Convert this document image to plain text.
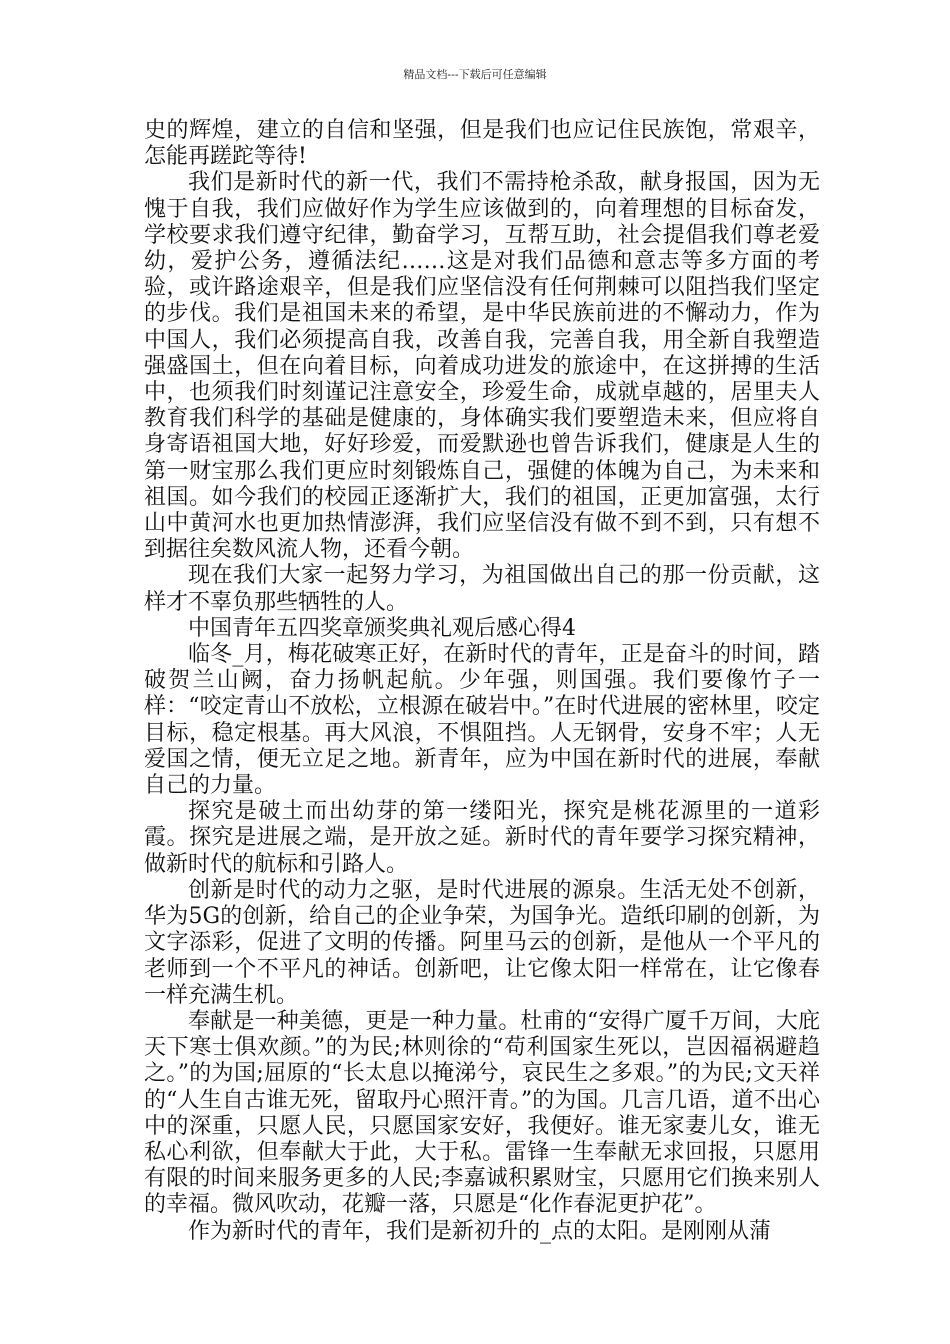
精品文档---下载后可任意编辑

史的辉煌，建立的自信和坚强，但是我们也应记住民族饱，常艰辛，怎能再蹉跎等待!

我们是新时代的新一代，我们不需持枪杀敌，献身报国，因为无愧于自我，我们应做好作为学生应该做到的，向着理想的目标奋发，学校要求我们遵守纪律，勤奋学习，互帮互助，社会提倡我们尊老爱幼，爱护公务，遵循法纪……这是对我们品德和意志等多方面的考验，或许路途艰辛，但是我们应坚信没有任何荆棘可以阻挡我们坚定的步伐。我们是祖国未来的希望，是中华民族前进的不懈动力，作为中国人，我们必须提高自我，改善自我，完善自我，用全新自我塑造强盛国土，但在向着目标，向着成功进发的旅途中，在这拼搏的生活中，也须我们时刻谨记注意安全，珍爱生命，成就卓越的，居里夫人教育我们科学的基础是健康的，身体确实我们要塑造未来，但应将自身寄语祖国大地，好好珍爱，而爱默逊也曾告诉我们，健康是人生的第一财宝那么我们更应时刻锻炼自己，强健的体魄为自己，为未来和祖国。如今我们的校园正逐渐扩大，我们的祖国，正更加富强，太行山中黄河水也更加热情澎湃，我们应坚信没有做不到不到，只有想不到据往矣数风流人物，还看今朝。

现在我们大家一起努力学习，为祖国做出自己的那一份贡献，这样才不辜负那些牺牲的人。

中国青年五四奖章颁奖典礼观后感心得4

临冬_月，梅花破寒正好，在新时代的青年，正是奋斗的时间，踏破贺兰山阙，奋力扬帆起航。少年强，则国强。我们要像竹子一样：“咬定青山不放松，立根源在破岩中。”在时代进展的密林里，咬定目标，稳定根基。再大风浪，不惧阻挡。人无钢骨，安身不牢；人无爱国之情，便无立足之地。新青年，应为中国在新时代的进展，奉献自己的力量。

探究是破土而出幼芽的第一缕阳光，探究是桃花源里的一道彩霞。探究是进展之端，是开放之延。新时代的青年要学习探究精神，做新时代的航标和引路人。

创新是时代的动力之驱，是时代进展的源泉。生活无处不创新，华为5G的创新，给自己的企业争荣，为国争光。造纸印刷的创新，为文字添彩，促进了文明的传播。阿里马云的创新，是他从一个平凡的老师到一个不平凡的神话。创新吧，让它像太阳一样常在，让它像春一样充满生机。

奉献是一种美德，更是一种力量。杜甫的“安得广厦千万间，大庇天下寒士俱欢颜。”的为民;林则徐的“苟利国家生死以，岂因福祸避趋之。”的为国;屈原的“长太息以掩涕兮，哀民生之多艰。”的为民;文天祥的“人生自古谁无死，留取丹心照汗青。”的为国。几言几语，道不出心中的深重，只愿人民，只愿国家安好，我便好。谁无家妻儿女，谁无私心利欲，但奉献大于此，大于私。雷锋一生奉献无求回报，只愿用有限的时间来服务更多的人民;李嘉诚积累财宝，只愿用它们换来别人的幸福。微风吹动，花瓣一落，只愿是“化作春泥更护花”。

作为新时代的青年，我们是新初升的_点的太阳。是刚刚从蒲
